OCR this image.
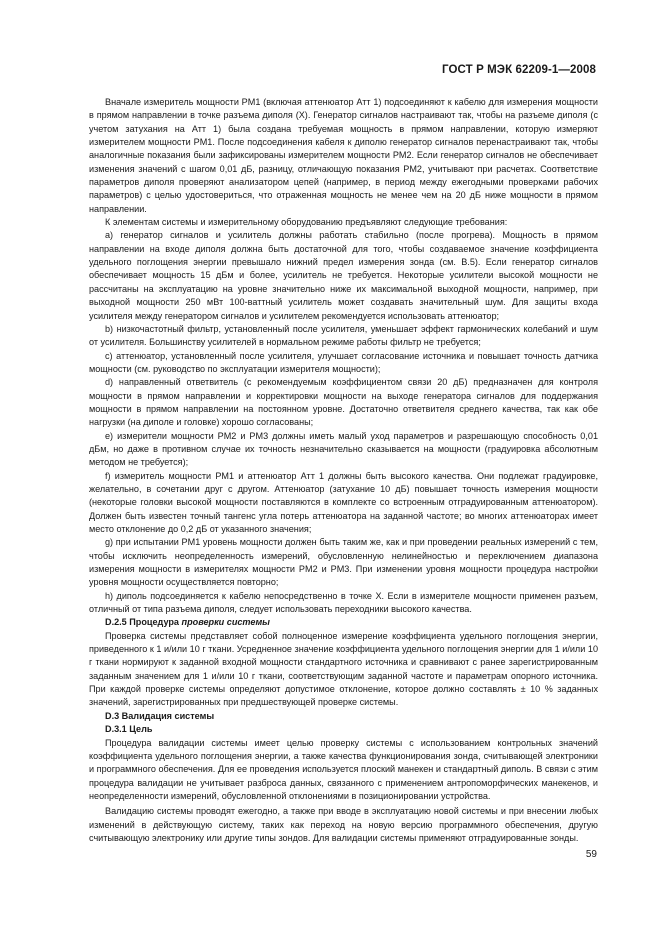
ГОСТ Р МЭК 62209-1—2008

Вначале измеритель мощности PM1 (включая аттенюатор Атт 1) подсоединяют к кабелю для измерения мощности в прямом направлении в точке разъема диполя (X). Генератор сигналов настраивают так, чтобы на разъеме диполя (с учетом затухания на Атт 1) была создана требуемая мощность в прямом направлении, которую измеряют измерителем мощности PM1. После подсоединения кабеля к диполю генератор сигналов перенастраивают так, чтобы аналогичные показания были зафиксированы измерителем мощности PM2. Если генератор сигналов не обеспечивает изменения значений с шагом 0,01 дБ, разницу, отличающую показания PM2, учитывают при расчетах. Соответствие параметров диполя проверяют анализатором цепей (например, в период между ежегодными проверками рабочих параметров) с целью удостовериться, что отраженная мощность не менее чем на 20 дБ ниже мощности в прямом направлении.

К элементам системы и измерительному оборудованию предъявляют следующие требования:

a) генератор сигналов и усилитель должны работать стабильно (после прогрева). Мощность в прямом направлении на входе диполя должна быть достаточной для того, чтобы создаваемое значение коэффициента удельного поглощения энергии превышало нижний предел измерения зонда (см. В.5). Если генератор сигналов обеспечивает мощность 15 дБм и более, усилитель не требуется. Некоторые усилители высокой мощности не рассчитаны на эксплуатацию на уровне значительно ниже их максимальной выходной мощности, например, при выходной мощности 250 мВт 100-ваттный усилитель может создавать значительный шум. Для защиты входа усилителя между генератором сигналов и усилителем рекомендуется использовать аттенюатор;

b) низкочастотный фильтр, установленный после усилителя, уменьшает эффект гармонических колебаний и шум от усилителя. Большинству усилителей в нормальном режиме работы фильтр не требуется;

c) аттенюатор, установленный после усилителя, улучшает согласование источника и повышает точность датчика мощности (см. руководство по эксплуатации измерителя мощности);

d) направленный ответвитель (с рекомендуемым коэффициентом связи 20 дБ) предназначен для контроля мощности в прямом направлении и корректировки мощности на выходе генератора сигналов для поддержания мощности в прямом направлении на постоянном уровне. Достаточно ответвителя среднего качества, так как обе нагрузки (на диполе и головке) хорошо согласованы;

e) измерители мощности PM2 и PM3 должны иметь малый уход параметров и разрешающую способность 0,01 дБм, но даже в противном случае их точность незначительно сказывается на мощности (градуировка абсолютным методом не требуется);

f) измеритель мощности PM1 и аттенюатор Атт 1 должны быть высокого качества. Они подлежат градуировке, желательно, в сочетании друг с другом. Аттенюатор (затухание 10 дБ) повышает точность измерения мощности (некоторые головки высокой мощности поставляются в комплекте со встроенным отградуированным аттенюатором). Должен быть известен точный тангенс угла потерь аттенюатора на заданной частоте; во многих аттенюаторах имеет место отклонение до 0,2 дБ от указанного значения;

g) при испытании PM1 уровень мощности должен быть таким же, как и при проведении реальных измерений с тем, чтобы исключить неопределенность измерений, обусловленную нелинейностью и переключением диапазона измерения мощности в измерителях мощности PM2 и PM3. При изменении уровня мощности процедура настройки уровня мощности осуществляется повторно;

h) диполь подсоединяется к кабелю непосредственно в точке X. Если в измерителе мощности применен разъем, отличный от типа разъема диполя, следует использовать переходники высокого качества.

D.2.5 Процедура проверки системы

Проверка системы представляет собой полноценное измерение коэффициента удельного поглощения энергии, приведенного к 1 и/или 10 г ткани. Усредненное значение коэффициента удельного поглощения энергии для 1 и/или 10 г ткани нормируют к заданной входной мощности стандартного источника и сравнивают с ранее зарегистрированным заданным значением для 1 и/или 10 г ткани, соответствующим заданной частоте и параметрам опорного источника. При каждой проверке системы определяют допустимое отклонение, которое должно составлять ± 10 % заданных значений, зарегистрированных при предшествующей проверке системы.

D.3 Валидация системы

D.3.1 Цель

Процедура валидации системы имеет целью проверку системы с использованием контрольных значений коэффициента удельного поглощения энергии, а также качества функционирования зонда, считывающей электроники и программного обеспечения. Для ее проведения используется плоский манекен и стандартный диполь. В связи с этим процедура валидации не учитывает разброса данных, связанного с применением антропоморфических манекенов, и неопределенности измерений, обусловленной отклонениями в позиционировании устройства.

Валидацию системы проводят ежегодно, а также при вводе в эксплуатацию новой системы и при внесении любых изменений в действующую систему, таких как переход на новую версию программного обеспечения, другую считывающую электронику или другие типы зондов. Для валидации системы применяют отградуированные зонды.

59
